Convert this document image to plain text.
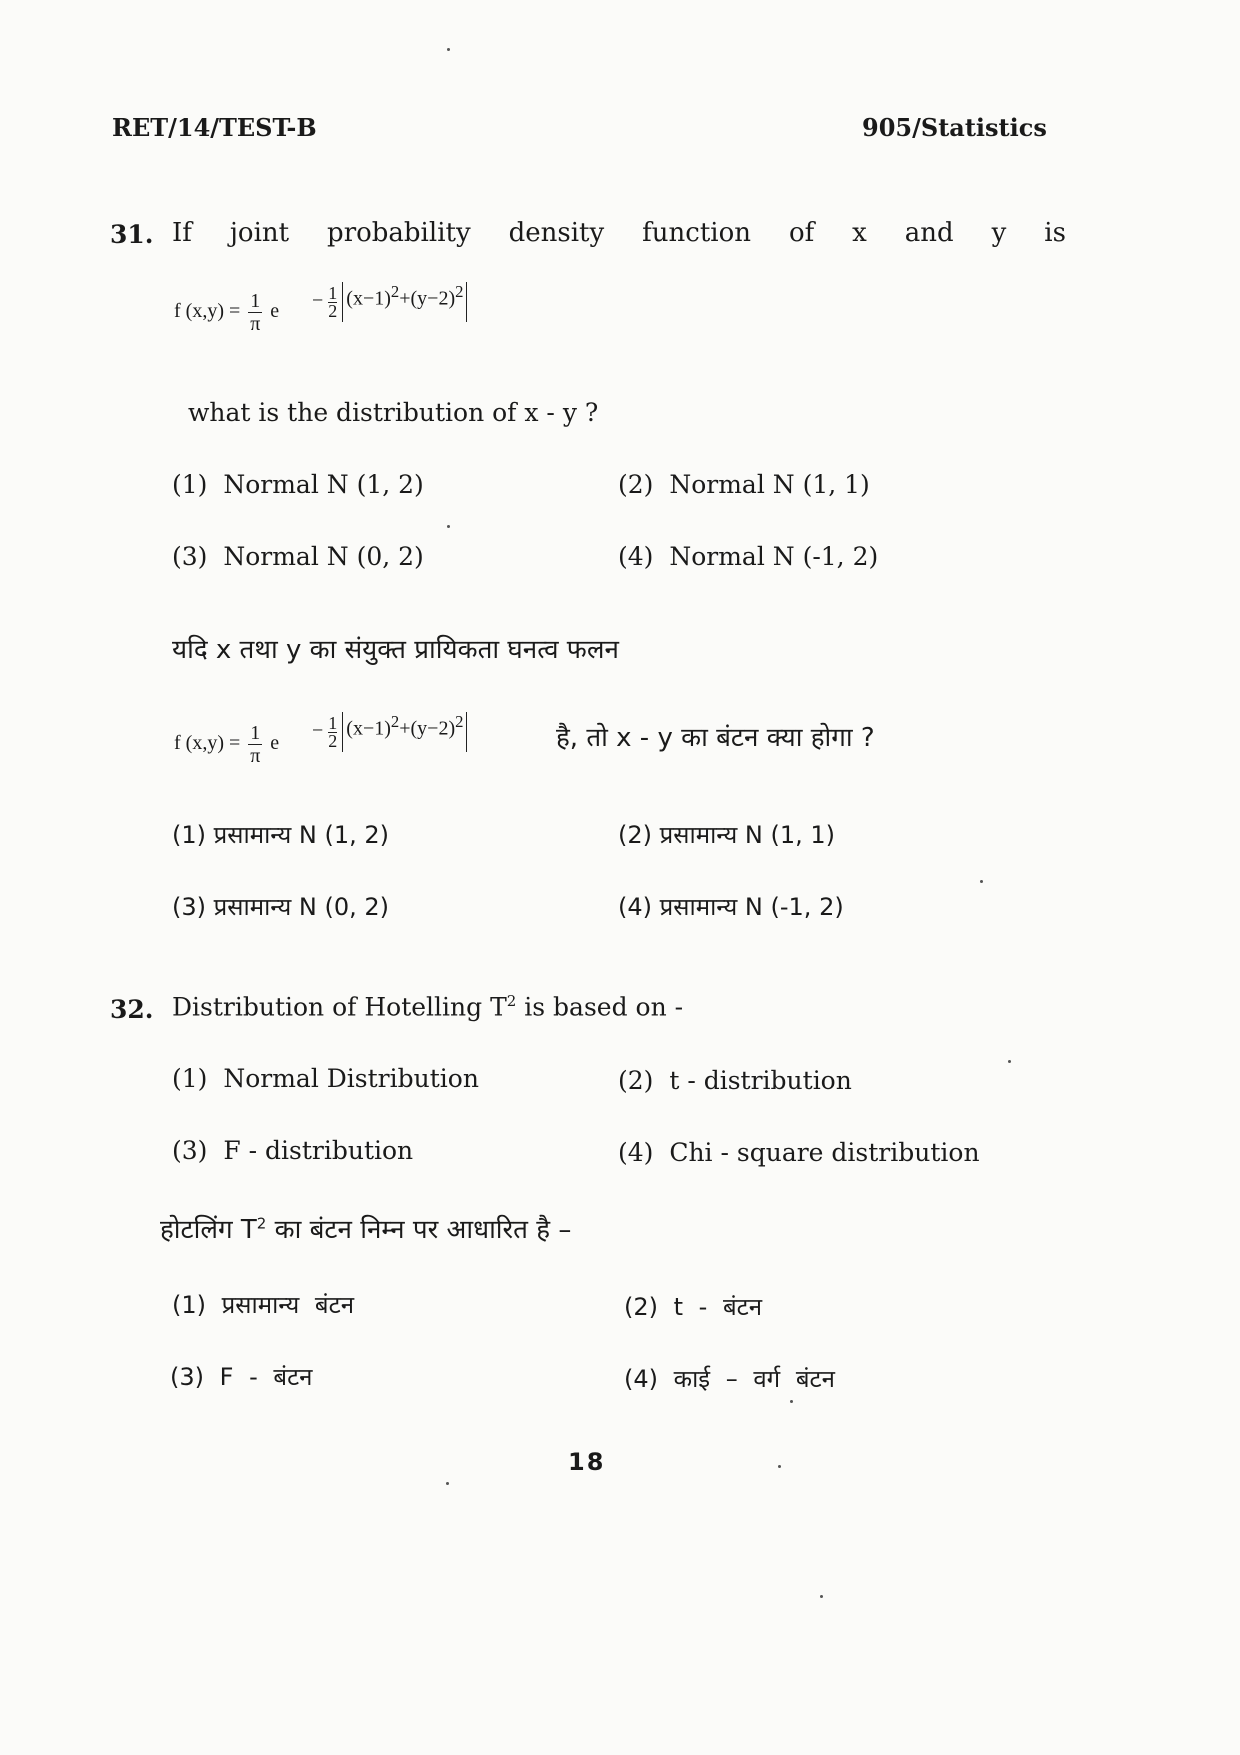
RET/14/TEST-B	905/Statistics
31. If joint probability density function of x and y is
f $(x,y) = \frac{1}{\pi}$ $e - \frac{1}{2} (x-1)^2+(y-2)^2$
what is the distribution of x - y ?
(1) Normal N (1, 2)	(2) Normal N (1, 1)
(3) Normal N (0, 2)	(4) Normal N (-1, 2)
यदि x तथा y का संयुक्त प्रायिकता घनत्व फलन
f $(x,y) = \frac{1}{\pi}$ e
− $\frac{1}{2} (x-1)^2+(y-2)^2$
है, तो x - y का बंटन क्या होगा ?
(1) प्रसामान्य N (1, 2)	(2) प्रसामान्य N (1, 1)
(3) प्रसामान्य N (0, 2)	(4) प्रसामान्य N (-1, 2)
32. Distribution of Hotelling $T^2$ is based on -
(1) Normal Distribution	(2) t - distribution
(3) F - distribution	(4) Chi - square distribution
होटलिंग $T^2$ का बंटन निम्न पर आधारित है –
(1) प्रसामान्य बंटन	(2) t - बंटन
(3) F - बंटन	(4) काई – वर्ग बंटन
18
